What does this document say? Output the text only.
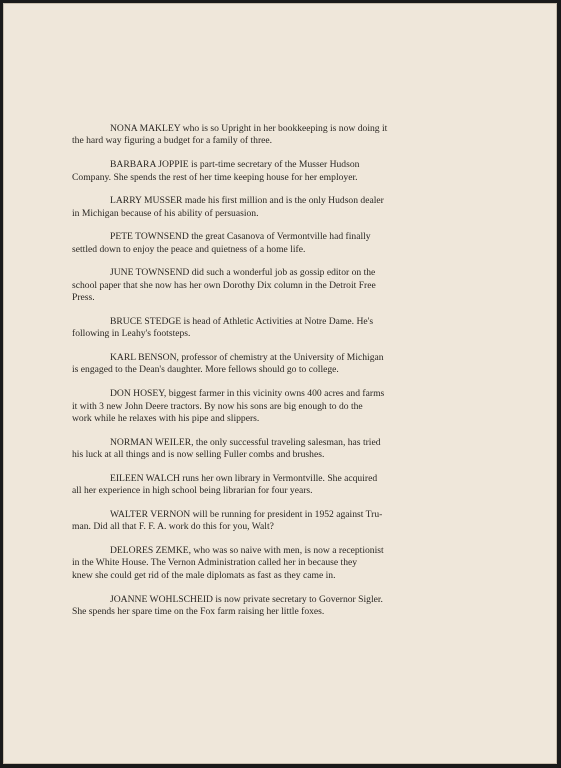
NONA MAKLEY who is so Upright in her bookkeeping is now doing it
the hard way figuring a budget for a family of three.

BARBARA JOPPIE is part-time secretary of the Musser Hudson
Company. She spends the rest of her time keeping house for her employer.

LARRY MUSSER made his first million and is the only Hudson dealer
in Michigan because of his ability of persuasion.

PETE TOWNSEND the great Casanova of Vermontville had finally
settled down to enjoy the peace and quietness of a home life.

JUNE TOWNSEND did such a wonderful job as gossip editor on the
school paper that she now has her own Dorothy Dix column in the Detroit Free
Press.

BRUCE STEDGE is head of Athletic Activities at Notre Dame. He's
following in Leahy's footsteps.

KARL BENSON, professor of chemistry at the University of Michigan
is engaged to the Dean's daughter. More fellows should go to college.

DON HOSEY, biggest farmer in this vicinity owns 400 acres and farms
it with 3 new John Deere tractors. By now his sons are big enough to do the
work while he relaxes with his pipe and slippers.

NORMAN WEILER, the only successful traveling salesman, has tried
his luck at all things and is now selling Fuller combs and brushes.

EILEEN WALCH runs her own library in Vermontville. She acquired
all her experience in high school being librarian for four years.

WALTER VERNON will be running for president in 1952 against Tru-
man. Did all that F. F. A. work do this for you, Walt?

DELORES ZEMKE, who was so naive with men, is now a receptionist
in the White House. The Vernon Administration called her in because they
knew she could get rid of the male diplomats as fast as they came in.

JOANNE WOHLSCHEID is now private secretary to Governor Sigler.
She spends her spare time on the Fox farm raising her little foxes.
